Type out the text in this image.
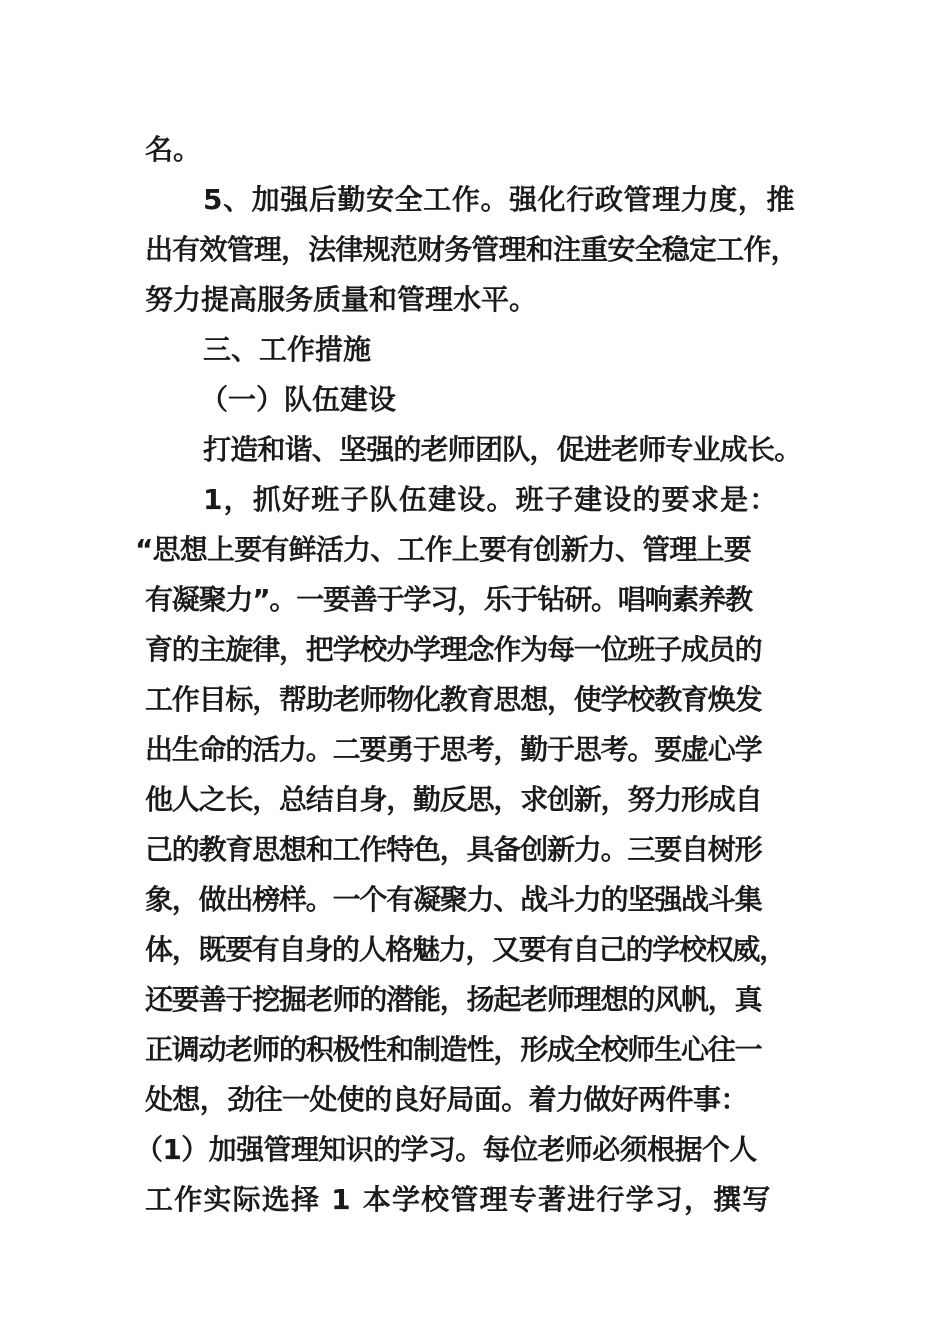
名。
5、加强后勤安全工作。强化行政管理力度，推
出有效管理，法律规范财务管理和注重安全稳定工作，
努力提高服务质量和管理水平。
三、工作措施
（一）队伍建设
打造和谐、坚强的老师团队，促进老师专业成长。
1，抓好班子队伍建设。班子建设的要求是：
“思想上要有鲜活力、工作上要有创新力、管理上要
有凝聚力”。一要善于学习，乐于钻研。唱响素养教
育的主旋律，把学校办学理念作为每一位班子成员的
工作目标，帮助老师物化教育思想，使学校教育焕发
出生命的活力。二要勇于思考，勤于思考。要虚心学
他人之长，总结自身，勤反思，求创新，努力形成自
己的教育思想和工作特色，具备创新力。三要自树形
象，做出榜样。一个有凝聚力、战斗力的坚强战斗集
体，既要有自身的人格魅力，又要有自己的学校权威，
还要善于挖掘老师的潜能，扬起老师理想的风帆，真
正调动老师的积极性和制造性，形成全校师生心往一
处想，劲往一处使的良好局面。着力做好两件事：
（1）加强管理知识的学习。每位老师必须根据个人
工作实际选择 1 本学校管理专著进行学习，撰写
